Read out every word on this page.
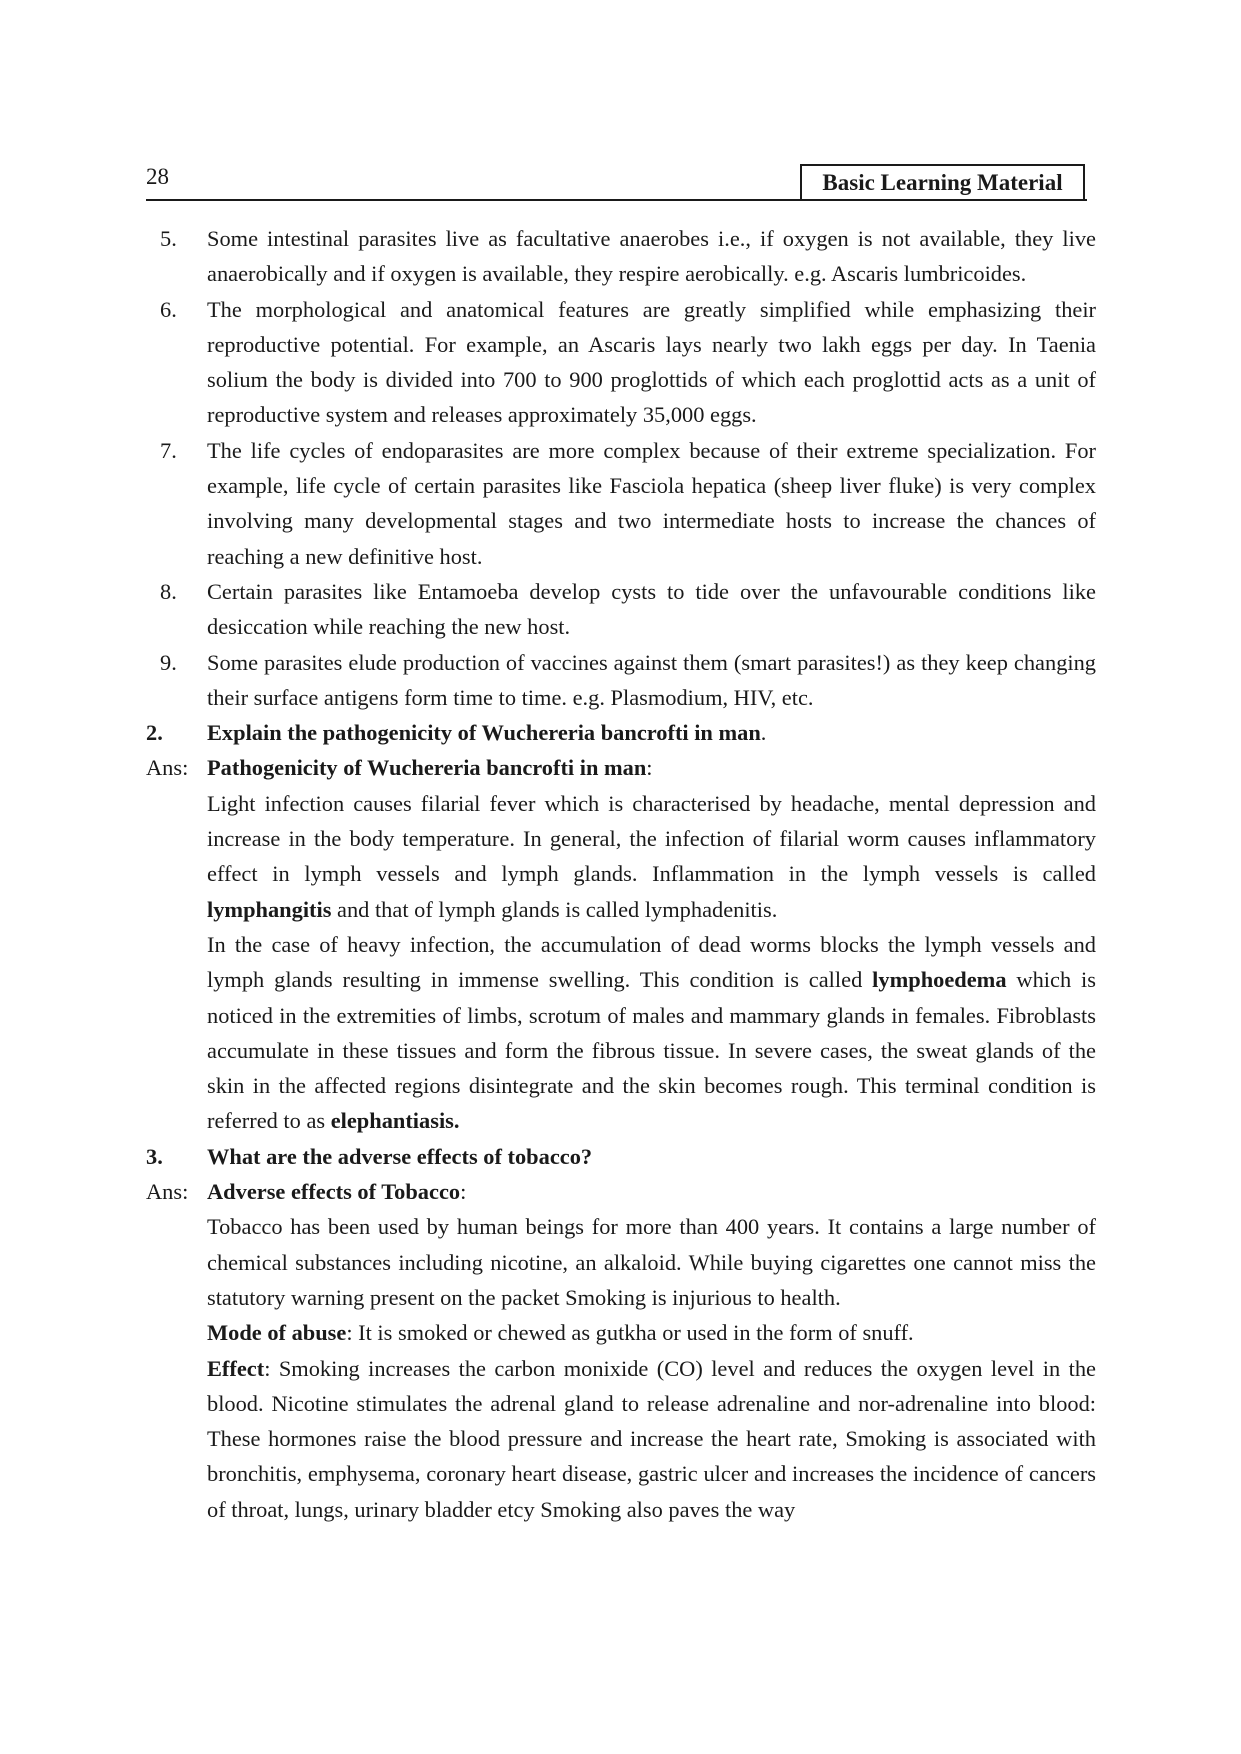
28	Basic Learning Material
5.	Some intestinal parasites live as facultative anaerobes i.e., if oxygen is not available, they live anaerobically and if oxygen is available, they respire aerobically. e.g. Ascaris lumbricoides.
6.	The morphological and anatomical features are greatly simplified while emphasizing their reproductive potential. For example, an Ascaris lays nearly two lakh eggs per day. In Taenia solium the body is divided into 700 to 900 proglottids of which each proglottid acts as a unit of reproductive system and releases approximately 35,000 eggs.
7.	The life cycles of endoparasites are more complex because of their extreme specialization. For example, life cycle of certain parasites like Fasciola hepatica (sheep liver fluke) is very complex involving many developmental stages and two intermediate hosts to increase the chances of reaching a new definitive host.
8.	Certain parasites like Entamoeba develop cysts to tide over the unfavourable conditions like desiccation while reaching the new host.
9.	Some parasites elude production of vaccines against them (smart parasites!) as they keep changing their surface antigens form time to time. e.g. Plasmodium, HIV, etc.
2.	Explain the pathogenicity of Wuchereria bancrofti in man.
Ans: Pathogenicity of Wuchereria bancrofti in man:
Light infection causes filarial fever which is characterised by headache, mental depression and increase in the body temperature. In general, the infection of filarial worm causes inflammatory effect in lymph vessels and lymph glands. Inflammation in the lymph vessels is called lymphangitis and that of lymph glands is called lymphadenitis.
In the case of heavy infection, the accumulation of dead worms blocks the lymph vessels and lymph glands resulting in immense swelling. This condition is called lymphoedema which is noticed in the extremities of limbs, scrotum of males and mammary glands in females. Fibroblasts accumulate in these tissues and form the fibrous tissue. In severe cases, the sweat glands of the skin in the affected regions disintegrate and the skin becomes rough. This terminal condition is referred to as elephantiasis.
3.	What are the adverse effects of tobacco?
Ans: Adverse effects of Tobacco:
Tobacco has been used by human beings for more than 400 years. It contains a large number of chemical substances including nicotine, an alkaloid. While buying cigarettes one cannot miss the statutory warning present on the packet Smoking is injurious to health.
Mode of abuse: It is smoked or chewed as gutkha or used in the form of snuff.
Effect: Smoking increases the carbon monixide (CO) level and reduces the oxygen level in the blood. Nicotine stimulates the adrenal gland to release adrenaline and nor-adrenaline into blood: These hormones raise the blood pressure and increase the heart rate, Smoking is associated with bronchitis, emphysema, coronary heart disease, gastric ulcer and increases the incidence of cancers of throat, lungs, urinary bladder etcy Smoking also paves the way
